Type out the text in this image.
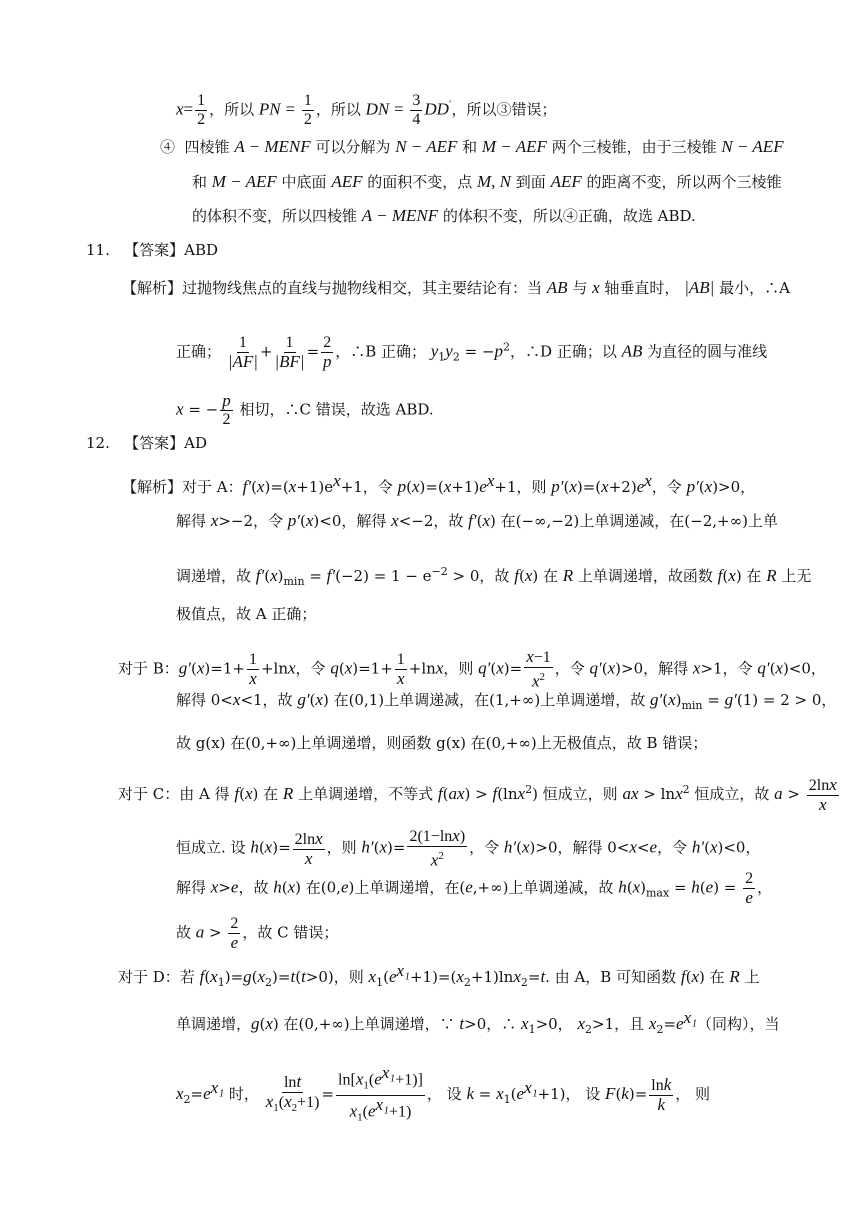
$x= \frac{1}{2}$ ，所以 PN = $\frac{1}{2}$ ，所以 DN = $\frac{3}{4} DD'$，所以③错误；
④  四棱锥 A − MENF 可以分解为 N − AEF 和 M − AEF 两个三棱锥，由于三棱锥 N − AEF
和 M − AEF 中底面 AEF 的面积不变，点 M, N 到面 AEF 的距离不变，所以两个三棱锥
的体积不变，所以四棱锥 A − MENF 的体积不变，所以④正确，故选 ABD.
11. 【答案】ABD
【解析】过抛物线焦点的直线与抛物线相交，其主要结论有：当 AB 与 x 轴垂直时， |AB| 最小，∴A
正确； $\frac{1}{|AF|} + \frac{1}{|BF|} = \frac{2}{p}$ ，∴B 正确； $y_1y_2 = -p^2$，∴D 正确；以 AB 为直径的圆与准线
x = − $\frac{p}{2}$ 相切，∴C 错误，故选 ABD.
12. 【答案】AD
【解析】对于 A：$f'(x)=(x+1)e^x+1$，令 $p(x)=(x+1)e^x+1$，则 $p'(x)=(x+2)e^x$，令 p′(x)>0，
解得 x>−2，令 p′(x)<0，解得 x<−2，故 f′(x) 在(−∞,−2)上单调递减，在(−2,+∞)上单
调递增，故 $f'(x)_{min} = f'(-2) = 1 - e^{-2} > 0$，故 f(x) 在 R 上单调递增，故函数 f(x) 在 R 上无
极值点，故 A 正确；
对于 B：$g'(x)=1+ \frac{1}{x} +\ln x$，令 $q(x)=1+ \frac{1}{x} +\ln x$，则 $q'(x)= \frac{x-1}{x^2}$ ，令 q′(x)>0，解得 x>1，令 q′(x)<0，
解得 0<x<1，故 g′(x) 在(0,1)上单调递减，在(1,+∞)上单调递增，故 $g'(x)_{min} = g'(1) = 2 > 0$，
故 g(x) 在(0,+∞)上单调递增，则函数 g(x) 在(0,+∞)上无极值点，故 B 错误；
对于 C：由 A 得 f(x) 在 R 上单调递增，不等式 f(ax) > f(lnx$^2$) 恒成立，则 ax > lnx$^2$ 恒成立，故 $a > \frac{2\ln x}{x}$
恒成立. 设 $h(x)= \frac{2\ln x}{x}$ ，则 $h'(x)= \frac{2(1-\ln x)}{x^2}$ ，令 h′(x)>0，解得 0<x<e，令 h′(x)<0，
解得 x>e，故 h(x) 在(0,e)上单调递增，在(e,+∞)上单调递减，故 $h(x)_{max} = h(e) = \frac{2}{e}$ ，
故 $a > \frac{2}{e}$ ，故 C 错误；
对于 D：若 $f(x_1)=g(x_2)=t(t>0)$，则 $x_1(e^{x_1}+1)=(x_2+1)\ln x_2=t$. 由 A，B 可知函数 f(x) 在 R 上
单调递增，g(x) 在(0,+∞)上单调递增，∵ t>0，∴ $x_1>0$， $x_2>1$，且 $x_2=e^{x_1}$（同构），当
$x_2=e^{x_1}$ 时， $\frac{\ln t}{x_1(x_2+1)} = \frac{\ln[x_1(e^{x_1}+1)]}{x_1(e^{x_1}+1)}$ ， 设 $k = x_1(e^{x_1}+1)$， 设 $F(k)= \frac{\ln k}{k}$ ， 则
